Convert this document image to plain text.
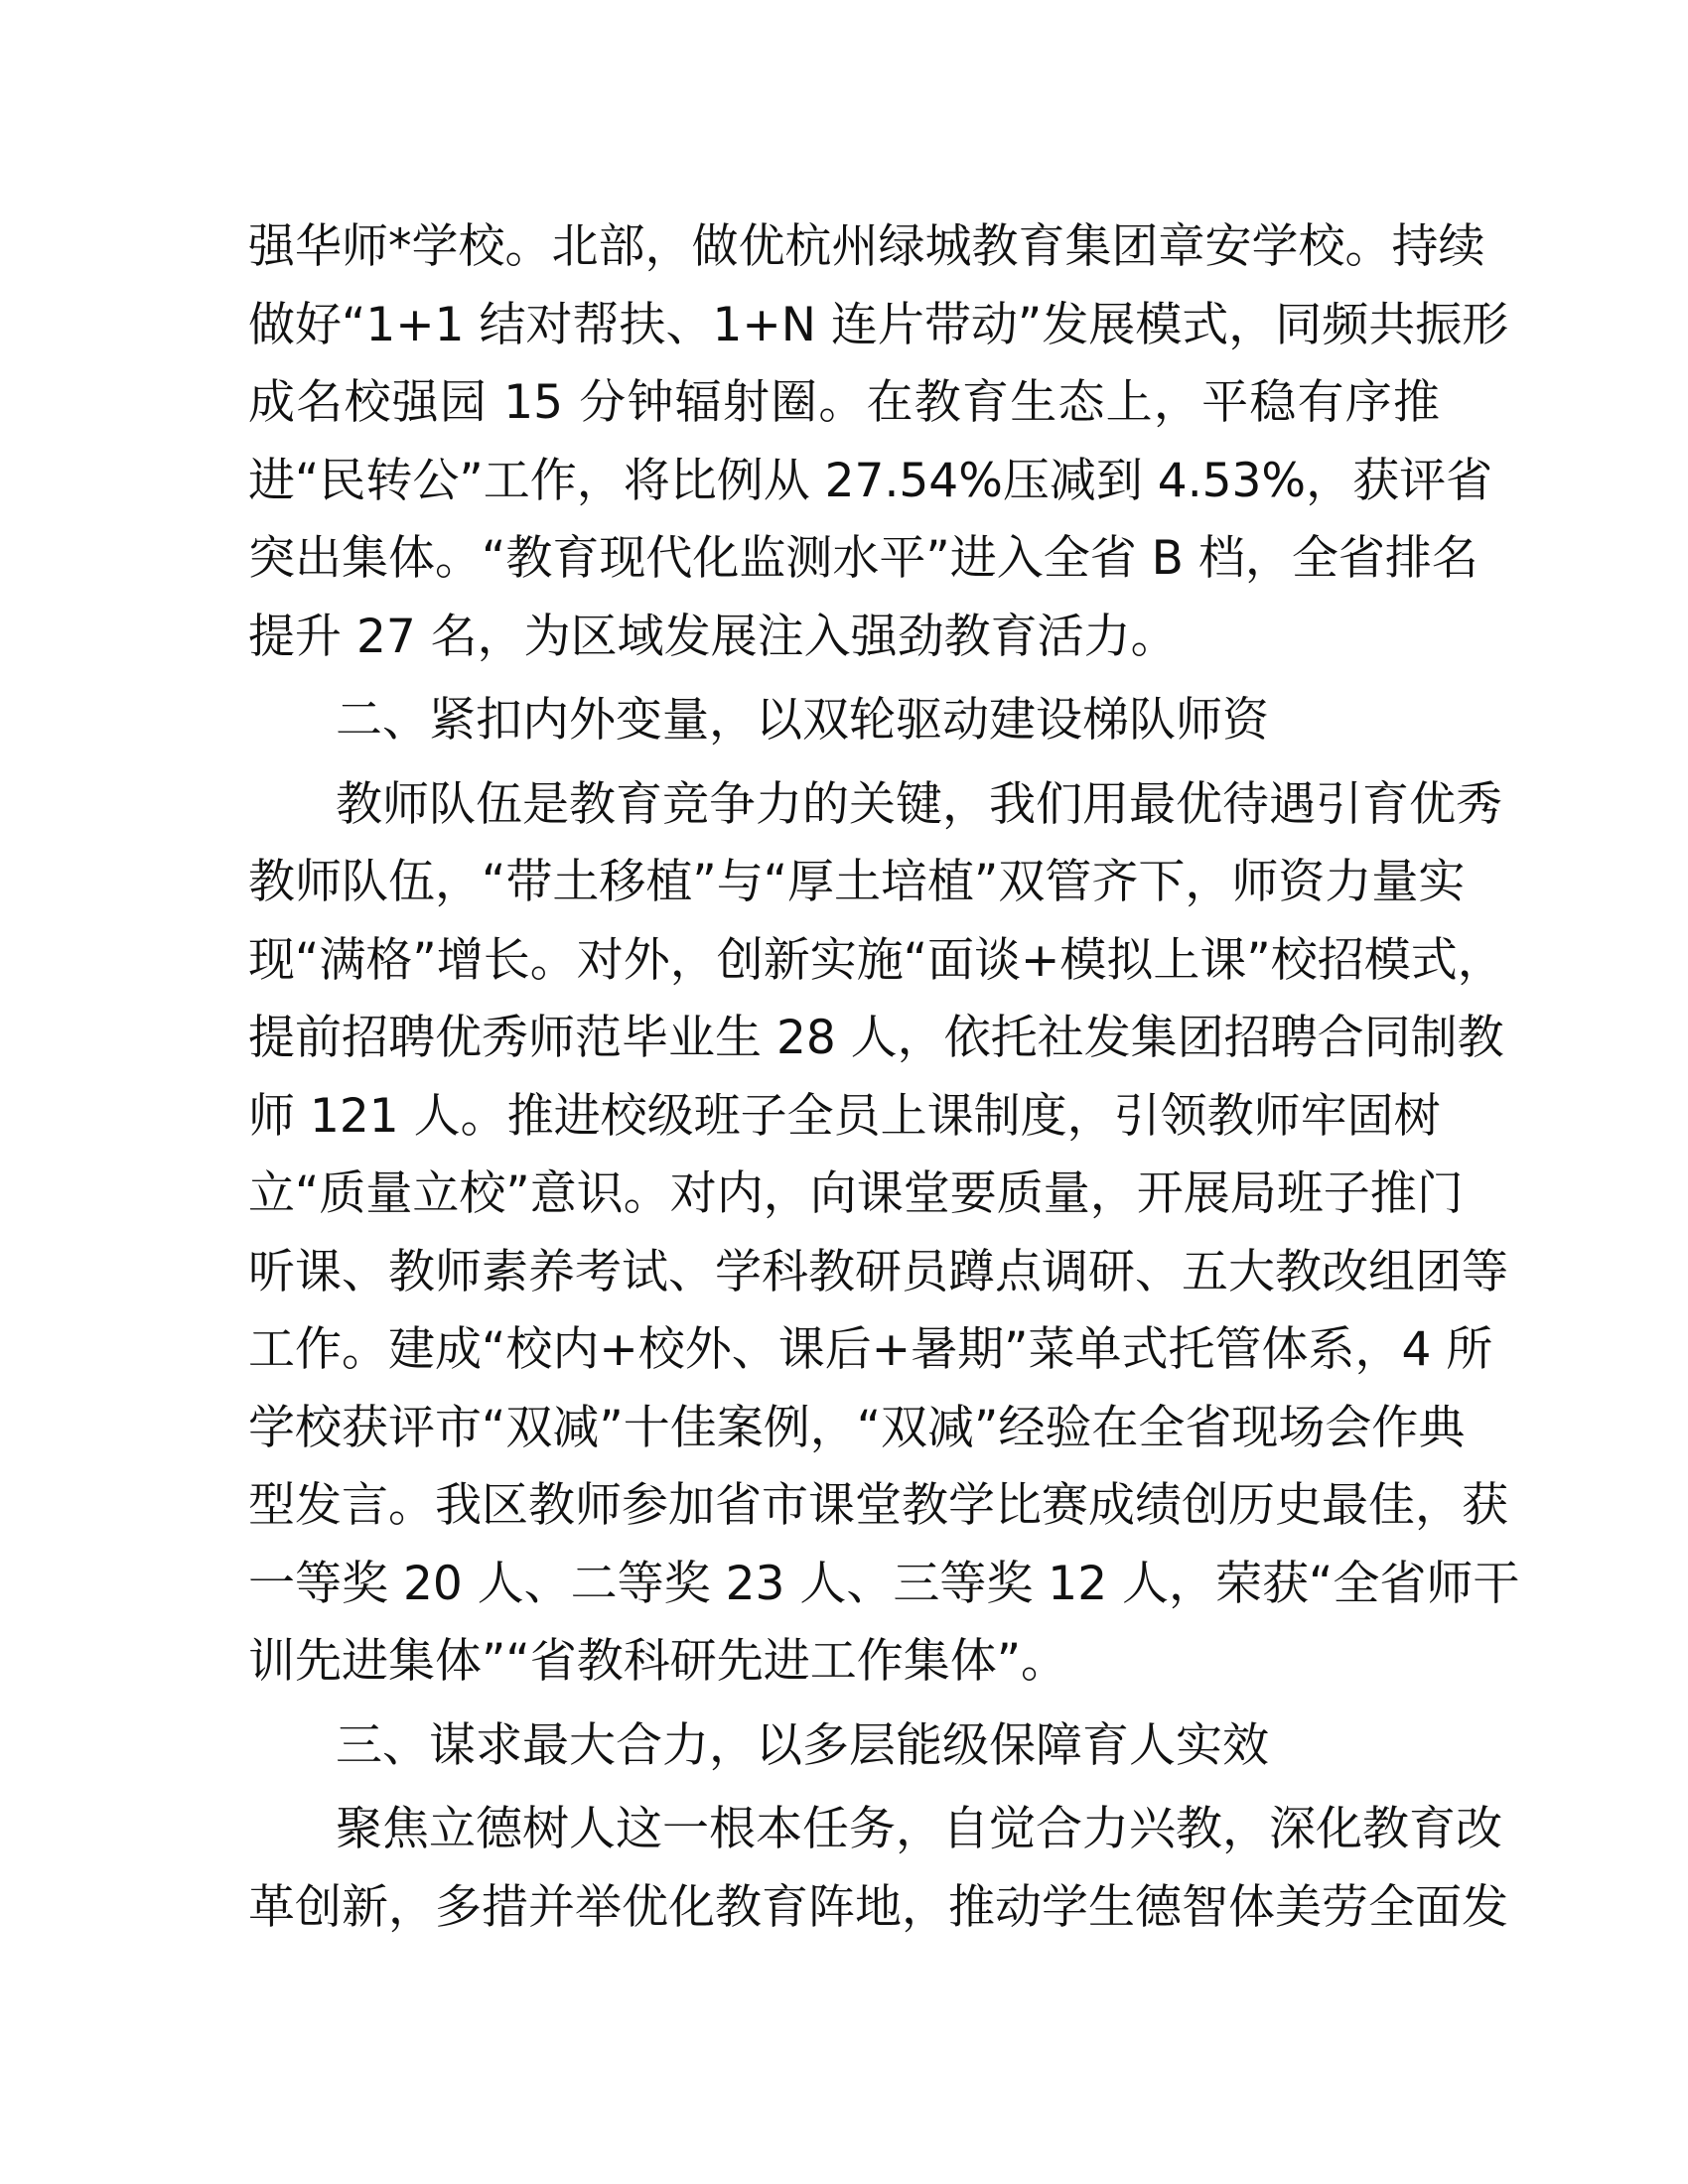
强华师*学校。北部，做优杭州绿城教育集团章安学校。持续
做好“1+1 结对帮扶、1+N 连片带动”发展模式，同频共振形
成名校强园 15 分钟辐射圈。在教育生态上，平稳有序推
进“民转公”工作，将比例从 27.54%压减到 4.53%，获评省
突出集体。“教育现代化监测水平”进入全省 B 档，全省排名
提升 27 名，为区域发展注入强劲教育活力。
二、紧扣内外变量，以双轮驱动建设梯队师资
教师队伍是教育竞争力的关键，我们用最优待遇引育优秀
教师队伍，“带土移植”与“厚土培植”双管齐下，师资力量实
现“满格”增长。对外，创新实施“面谈+模拟上课”校招模式，
提前招聘优秀师范毕业生 28 人，依托社发集团招聘合同制教
师 121 人。推进校级班子全员上课制度，引领教师牢固树
立“质量立校”意识。对内，向课堂要质量，开展局班子推门
听课、教师素养考试、学科教研员蹲点调研、五大教改组团等
工作。建成“校内+校外、课后+暑期”菜单式托管体系，4 所
学校获评市“双减”十佳案例，“双减”经验在全省现场会作典
型发言。我区教师参加省市课堂教学比赛成绩创历史最佳，获
一等奖 20 人、二等奖 23 人、三等奖 12 人，荣获“全省师干
训先进集体”“省教科研先进工作集体”。
三、谋求最大合力，以多层能级保障育人实效
聚焦立德树人这一根本任务，自觉合力兴教，深化教育改
革创新，多措并举优化教育阵地，推动学生德智体美劳全面发
